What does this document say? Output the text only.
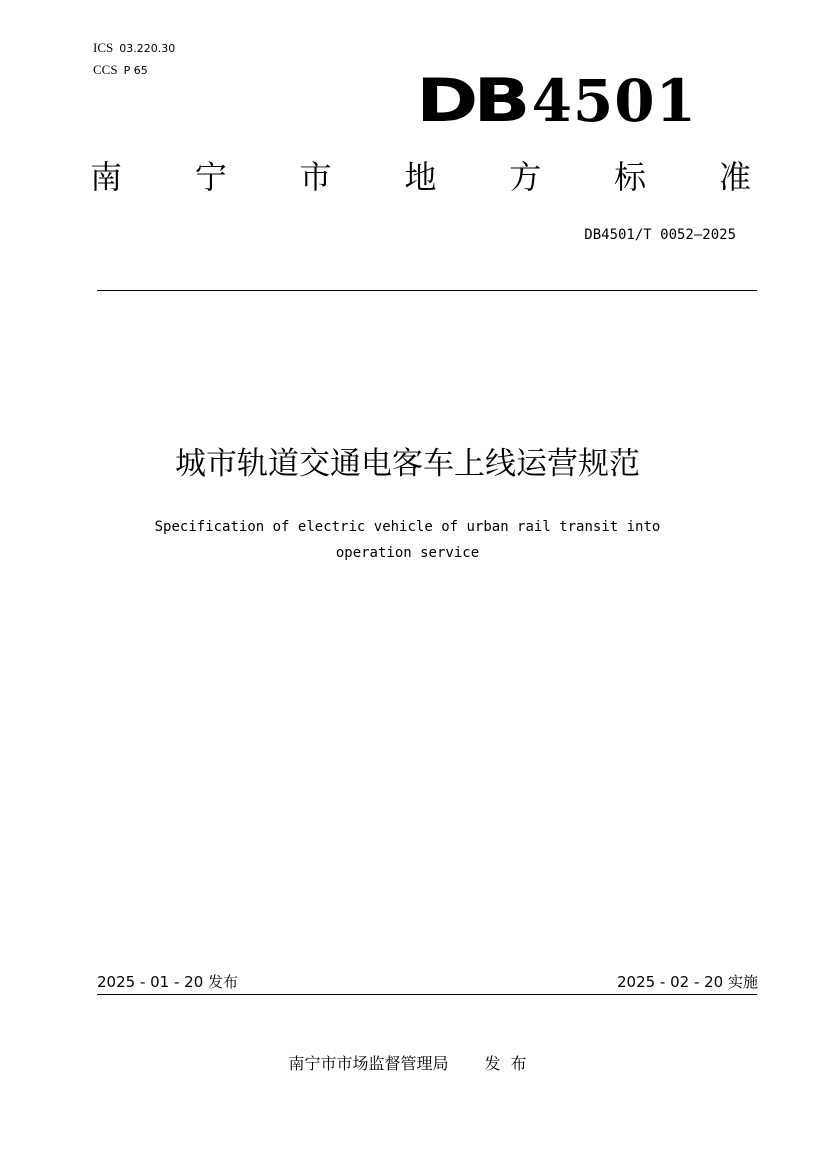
ICS 03.220.30
CCS P 65	DB 4501
南 宁 市 地 方 标 准
DB4501/T 0052—2025
城市轨道交通电客车上线运营规范
Specification of electric vehicle of urban rail transit into
operation service
2025 - 01 - 20 发布	2025 - 02 - 20 实施
南宁市市场监督管理局 发 布
